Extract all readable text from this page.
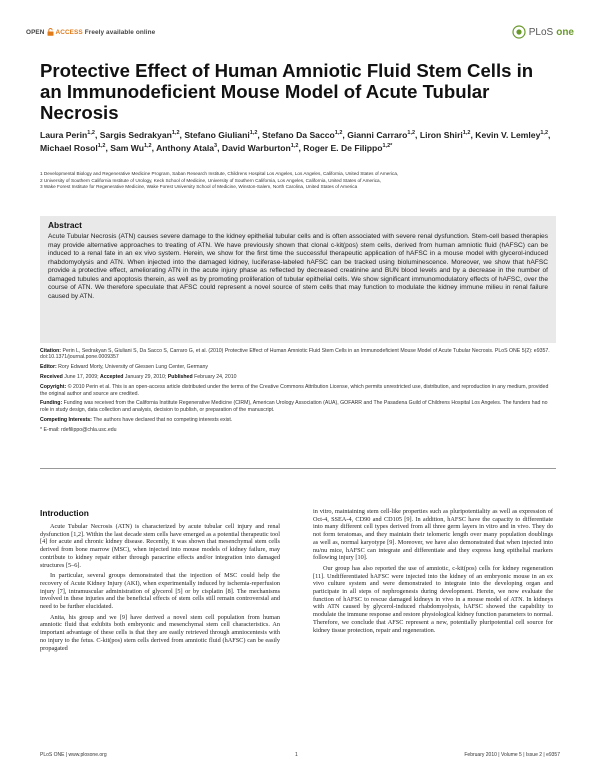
OPEN ACCESS Freely available online	PLoS one
Protective Effect of Human Amniotic Fluid Stem Cells in an Immunodeficient Mouse Model of Acute Tubular Necrosis
Laura Perin$^{1,2}$, Sargis Sedrakyan$^{1,2}$, Stefano Giuliani$^{1,2}$, Stefano Da Sacco$^{1,2}$, Gianni Carraro$^{1,2}$, Liron Shiri$^{1,2}$, Kevin V. Lemley$^{1,2}$, Michael Rosol$^{1,2}$, Sam Wu$^{1,2}$, Anthony Atala$^3$, David Warburton$^{1,2}$, Roger E. De Filippo$^{1,2*}$
1 Developmental Biology and Regenerative Medicine Program, Saban Research Institute, Childrens Hospital Los Angeles, Los Angeles, California, United States of America,
2 University of Southern California Institute of Urology, Keck School of Medicine, University of Southern California, Los Angeles, California, United States of America,
3 Wake Forest Institute for Regenerative Medicine, Wake Forest University School of Medicine, Winston-Salem, North Carolina, United States of America
Abstract

Acute Tubular Necrosis (ATN) causes severe damage to the kidney epithelial tubular cells and is often associated with severe renal dysfunction. Stem-cell based therapies may provide alternative approaches to treating of ATN. We have previously shown that clonal c-kit(pos) stem cells, derived from human amniotic fluid (hAFSC) can be induced to a renal fate in an ex vivo system. Herein, we show for the first time the successful therapeutic application of hAFSC in a mouse model with glycerol-induced rhabdomyolysis and ATN. When injected into the damaged kidney, luciferase-labeled hAFSC can be tracked using bioluminescence. Moreover, we show that hAFSC provide a protective effect, ameliorating ATN in the acute injury phase as reflected by decreased creatinine and BUN blood levels and by a decrease in the number of damaged tubules and apoptosis therein, as well as by promoting proliferation of tubular epithelial cells. We show significant immunomodulatory effects of hAFSC, over the course of ATN. We therefore speculate that AFSC could represent a novel source of stem cells that may function to modulate the kidney immune milieu in renal failure caused by ATN.

Citation: Perin L, Sedrakyan S, Giuliani S, Da Sacco S, Carraro G, et al. (2010) Protective Effect of Human Amniotic Fluid Stem Cells in an Immunodeficient Mouse Model of Acute Tubular Necrosis. PLoS ONE 5(2): e9357. doi:10.1371/journal.pone.0009357
Editor: Rory Edward Morty, University of Giessen Lung Center, Germany
Received June 17, 2009; Accepted January 29, 2010; Published February 24, 2010
Copyright: © 2010 Perin et al. This is an open-access article distributed under the terms of the Creative Commons Attribution License, which permits unrestricted use, distribution, and reproduction in any medium, provided the original author and source are credited.
Funding: Funding was received from the California Institute Regenerative Medicine (CIRM), American Urology Association (AUA), GOFARR and The Pasadena Guild of Childrens Hospital Los Angeles. The funders had no role in study design, data collection and analysis, decision to publish, or preparation of the manuscript.
Competing Interests: The authors have declared that no competing interests exist.
* E-mail: rdefilippo@chla.usc.edu
Introduction

Acute Tubular Necrosis (ATN) is characterized by acute tubular cell injury and renal dysfunction [1,2]. Within the last decade stem cells have emerged as a potential therapeutic tool [4] for acute and chronic kidney disease. Recently, it was shown that mesenchymal stem cells derived from bone marrow (MSC), when injected into mouse models of kidney failure, may contribute to kidney repair either through paracrine effects and/or integration into damaged structures [5–6].

In particular, several groups demonstrated that the injection of MSC could help the recovery of Acute Kidney Injury (AKI), when experimentally induced by ischemia-reperfusion injury [7], intramuscular administration of glycerol [5] or by cisplatin [8]. The mechanisms involved in these injuries and the beneficial effects of stem cells still remain controversial and need to be further elucidated.

Anita, his group and we [9] have derived a novel stem cell population from human amniotic fluid that exhibits both embryonic and mesenchymal stem cell characteristics. An important advantage of these cells is that they are easily retrieved through amniocentesis with no injury to the fetus. C-kit(pos) stem cells derived from amniotic fluid (hAFSC) can be easily propagated

in vitro, maintaining stem cell-like properties such as pluripotentiality as well as expression of Oct-4, SSEA-4, CD90 and CD105 [9]. In addition, hAFSC have the capacity to differentiate into many different cell types derived from all three germ layers in vitro and in vivo. They do not form teratomas, and they maintain their telomeric length over many population doublings as well as, normal karyotype [9]. Moreover, we have also demonstrated that when injected into nu/nu mice, hAFSC can integrate and differentiate and they express lung epithelial markers following injury [10].

Our group has also reported the use of amniotic, c-kit(pos) cells for kidney regeneration [11]. Undifferentiated hAFSC were injected into the kidney of an embryonic mouse in an ex vivo culture system and were demonstrated to integrate into the developing organ and participate in all steps of nephrogenesis during development. Herein, we now evaluate the function of hAFSC to rescue damaged kidneys in vivo in a mouse model of ATN. In kidneys with ATN caused by glycerol-induced rhabdomyolysis, hAFSC showed the capability to modulate the immune response and restore physiological kidney function parameters to normal. Therefore, we conclude that AFSC represent a new, potentially pluripotential cell source for kidney tissue protection, repair and regeneration.

PLoS ONE | www.plosone.org	1	February 2010 | Volume 5 | Issue 2 | e9357
